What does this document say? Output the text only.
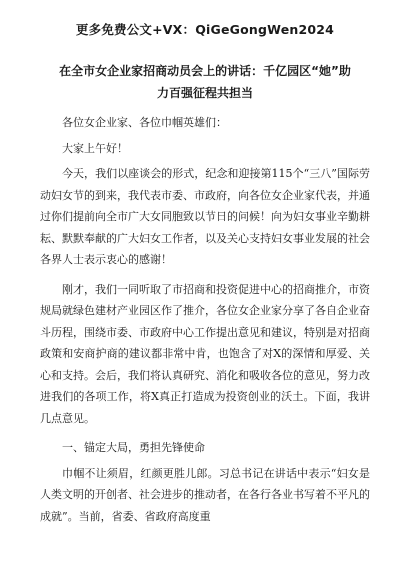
更多免费公文+VX：QiGeGongWen2024
在全市女企业家招商动员会上的讲话：千亿园区“她”助
力百强征程共担当

各位女企业家、各位巾帼英雄们：

大家上午好！

今天，我们以座谈会的形式，纪念和迎接第115个“三八”国际劳动妇女节的到来，我代表市委、市政府，向各位女企业家代表，并通过你们提前向全市广大女同胞致以节日的问候！向为妇女事业辛勤耕耘、默默奉献的广大妇女工作者，以及关心支持妇女事业发展的社会各界人士表示衷心的感谢！

刚才，我们一同听取了市招商和投资促进中心的招商推介，市资规局就绿色建材产业园区作了推介，各位女企业家分享了各自企业奋斗历程，围绕市委、市政府中心工作提出意见和建议，特别是对招商政策和安商护商的建议都非常中肯，也饱含了对X的深情和厚爱、关心和支持。会后，我们将认真研究、消化和吸收各位的意见，努力改进我们的各项工作，将X真正打造成为投资创业的沃土。下面，我讲几点意见。

一、锚定大局，勇担先锋使命

巾帼不让须眉，红颜更胜儿郎。习总书记在讲话中表示“妇女是人类文明的开创者、社会进步的推动者，在各行各业书写着不平凡的成就”。当前，省委、省政府高度重
